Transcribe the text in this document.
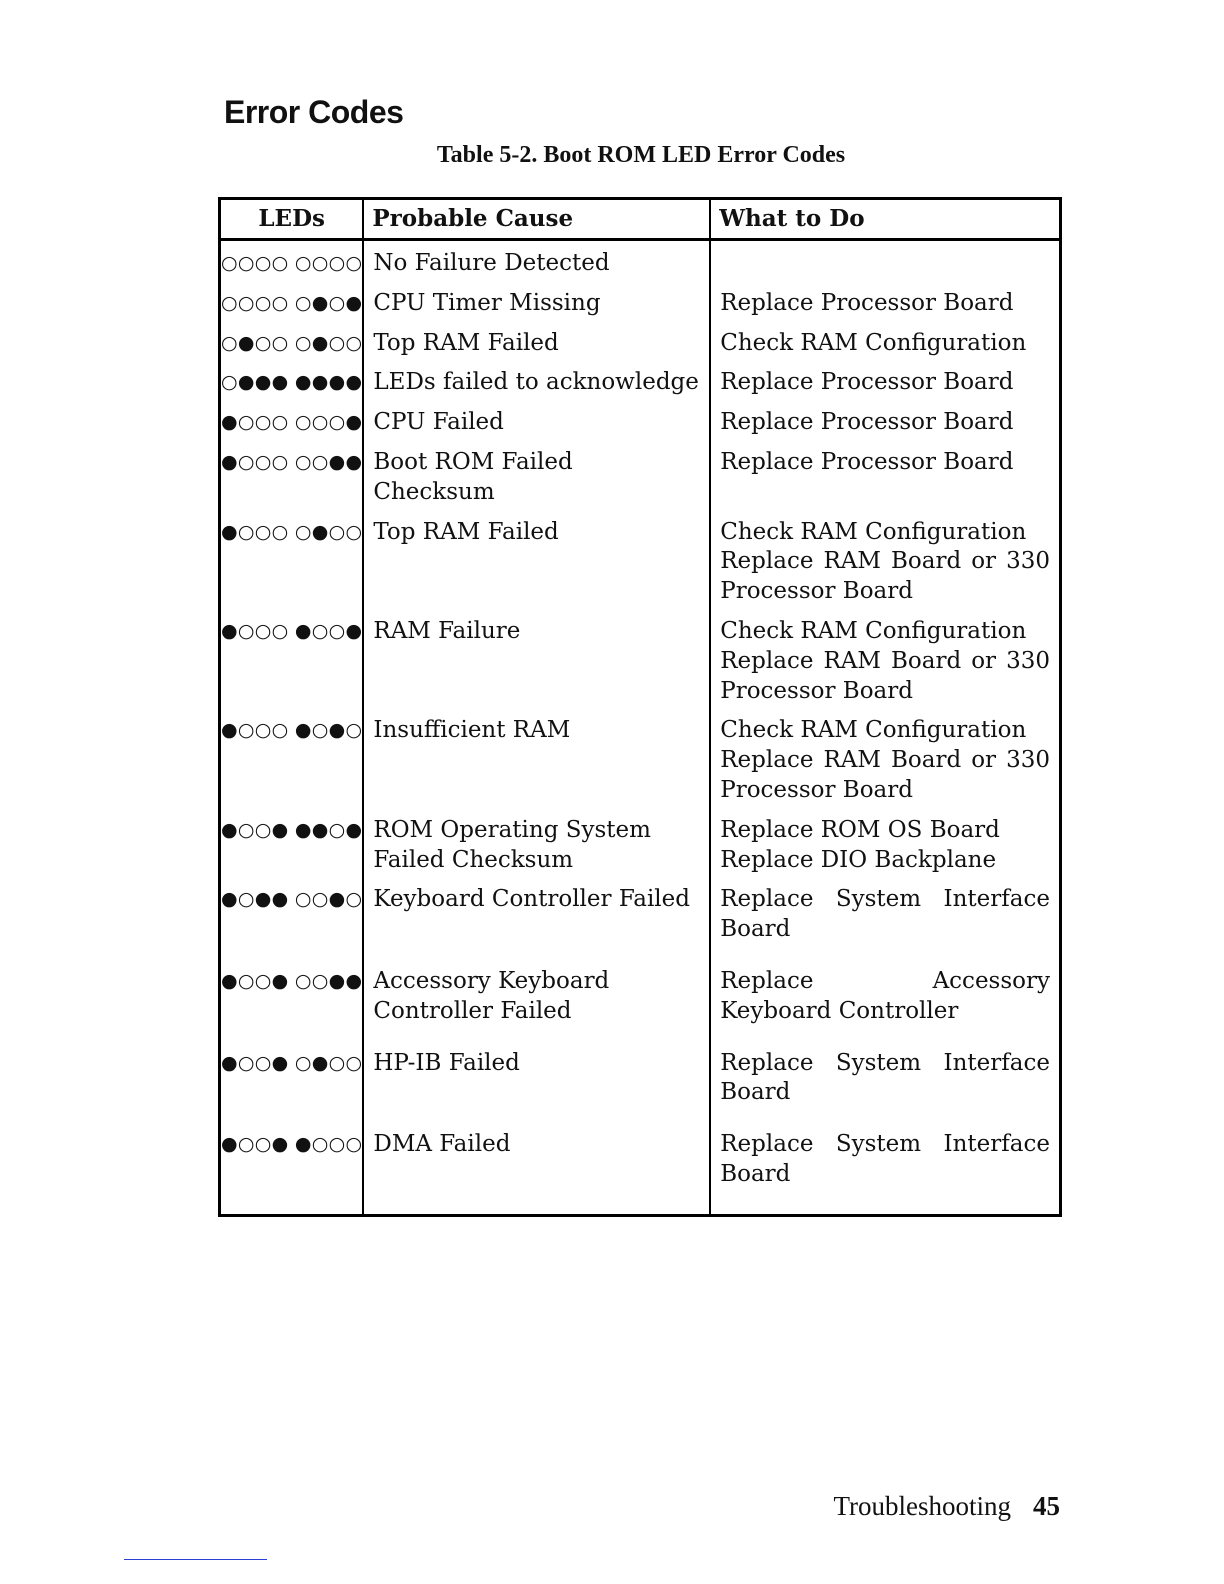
Error Codes

Table 5-2. Boot ROM LED Error Codes

LEDs	Probable Cause	What to Do
○○○○ ○○○○	No Failure Detected	
○○○○ ○●○●	CPU Timer Missing	Replace Processor Board

○●○○ ○●○○	Top RAM Failed	Check RAM Configuration

○●●● ●●●●	LEDs failed to acknowledge	Replace Processor Board

●○○○ ○○○●	CPU Failed	Replace Processor Board

●○○○ ○○●●	Boot ROM Failed Checksum	Replace Processor Board

●○○○ ○●○○	Top RAM Failed	Check RAM Configuration
Replace RAM Board or 330 Processor Board

●○○○ ●○○●	RAM Failure	Check RAM Configuration
Replace RAM Board or 330 Processor Board

●○○○ ●○●○	Insufficient RAM	Check RAM Configuration
Replace RAM Board or 330 Processor Board

●○○● ●●○●	ROM Operating System Failed Checksum	Replace ROM OS Board
Replace DIO Backplane

●○●● ○○●○	Keyboard Controller Failed	Replace System Interface Board

●○○● ○○●●	Accessory Keyboard Controller Failed	Replace Accessory Keyboard Controller

●○○● ○●○○	HP-IB Failed	Replace System Interface Board

●○○● ●○○○	DMA Failed	Replace System Interface Board

Troubleshooting 45
